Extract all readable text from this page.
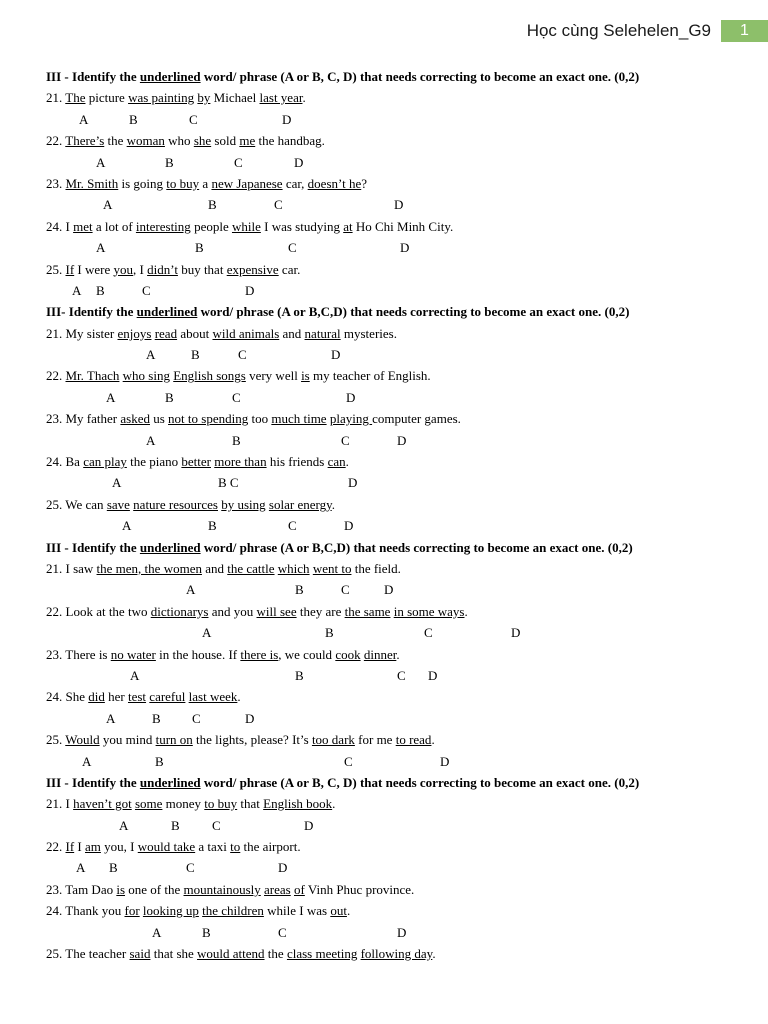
Học cùng Selehelen_G9	1
III - Identify the underlined word/ phrase (A or B, C, D) that needs correcting to become an exact one. (0,2)
21. The picture was painting by Michael last year.
A	B	C	D
22. There’s the woman who she sold me the handbag.
A	B	C	D
23. Mr. Smith is going to buy a new Japanese car, doesn’t he?
A	B	C	D
24. I met a lot of interesting people while I was studying at Ho Chi Minh City.
A	B	C	D
25. If I were you, I didn’t buy that expensive car.
A B	C	D
III- Identify the underlined word/ phrase (A or B,C,D) that needs correcting to become an exact one. (0,2)
21. My sister enjoys read about wild animals and natural mysteries.
A	B	C	D
22. Mr. Thach who sing English songs very well is my teacher of English.
A	B	C	D
23. My father asked us not to spending too much time playing computer games.
A	B	C	D
24. Ba can play the piano better more than his friends can.
A	B C	D
25. We can save nature resources by using solar energy.
A	B	C	D
III - Identify the underlined word/ phrase (A or B,C,D) that needs correcting to become an exact one. (0,2)
21. I saw the men, the women and the cattle which went to the field.
A	B	C	D
22. Look at the two dictionarys and you will see they are the same in some ways.
A	B	C	D
23. There is no water in the house. If there is, we could cook dinner.
A	B	C D
24. She did her test careful last week.
A	B C	D
25. Would you mind turn on the lights, please? It’s too dark for me to read.
A	B	C	D
III - Identify the underlined word/ phrase (A or B, C, D) that needs correcting to become an exact one. (0,2)
21. I haven’t got some money to buy that English book.
A	B C	D
22. If I am you, I would take a taxi to the airport.
A B	C	D
23. Tam Dao is one of the mountainously areas of Vinh Phuc province.
24. Thank you for looking up the children while I was out.
A	B	C	D
25. The teacher said that she would attend the class meeting following day.
